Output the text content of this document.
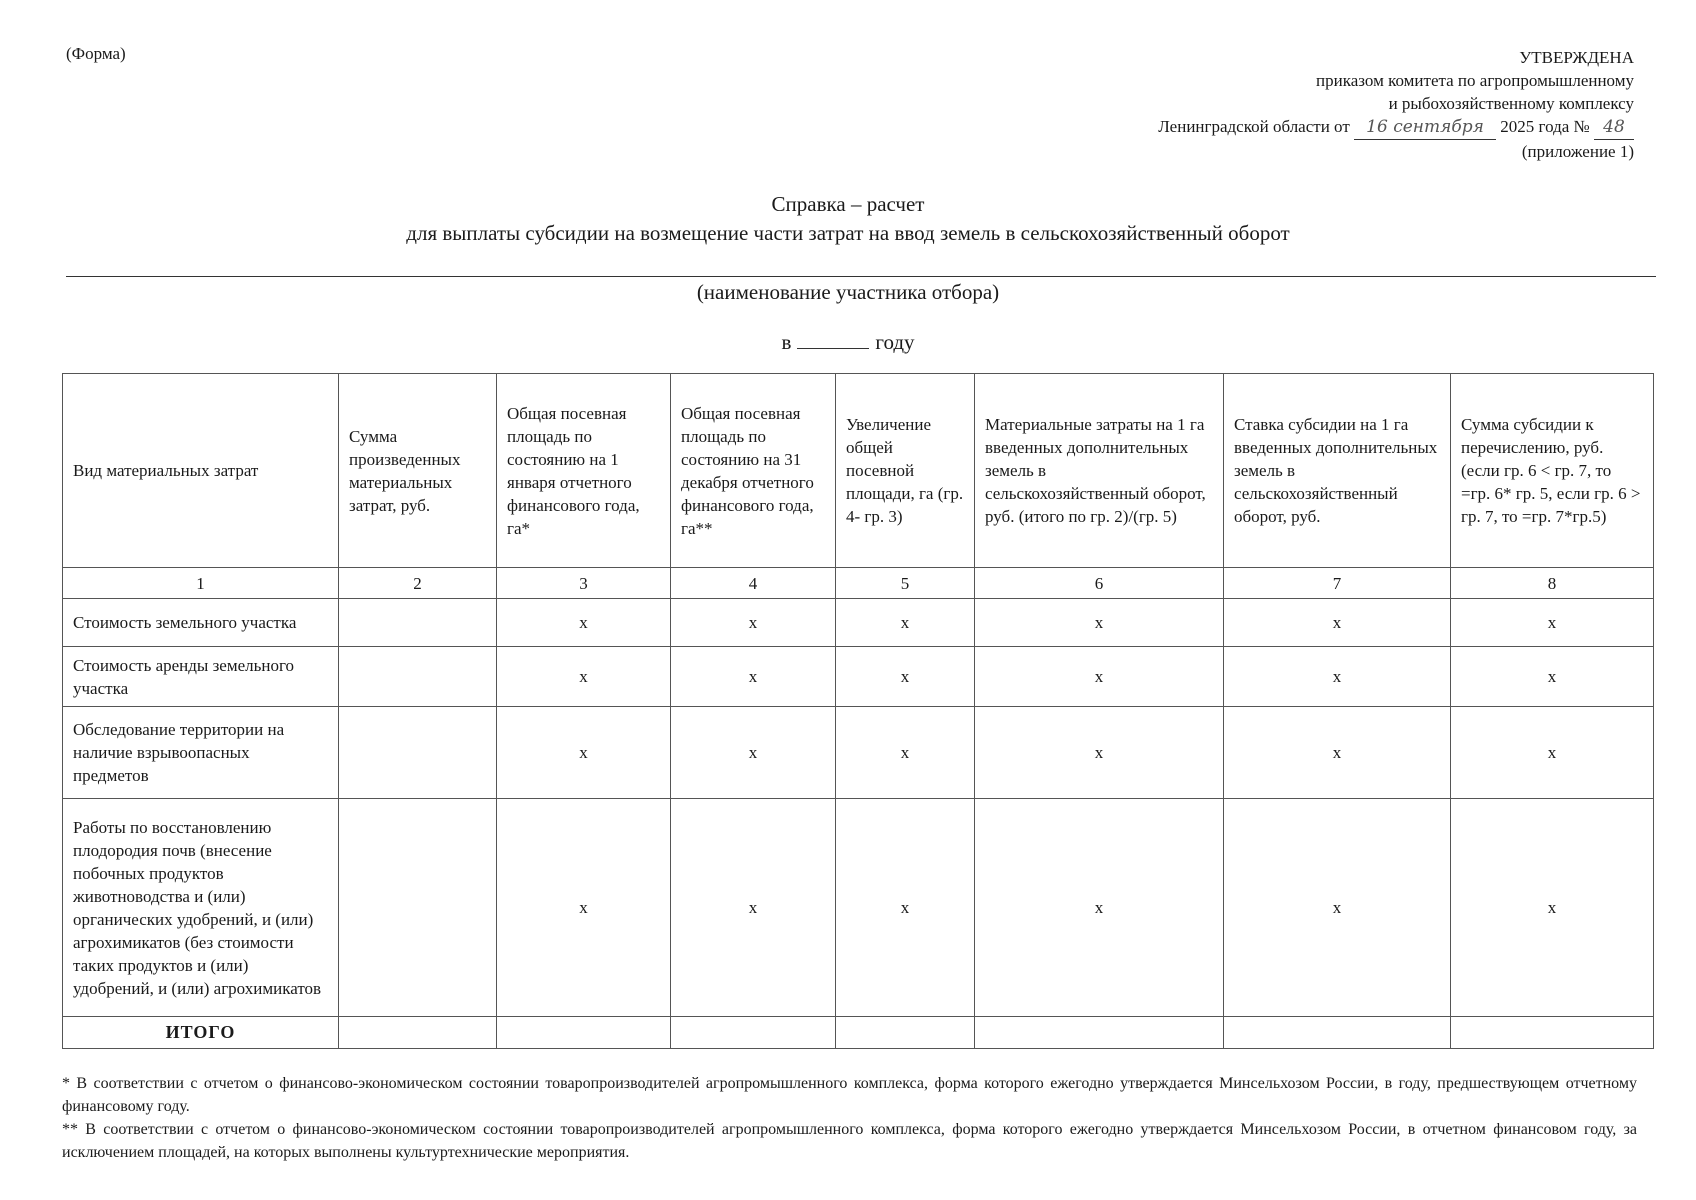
(Форма)	УТВЕРЖДЕНА
приказом комитета по агропромышленному
и рыбохозяйственному комплексу
Ленинградской области от 16 сентября 2025 года № 48
(приложение 1)
Справка – расчет
для выплаты субсидии на возмещение части затрат на ввод земель в сельскохозяйственный оборот
(наименование участника отбора)
в	году
Вид материальных затрат	Сумма произведенных материальных затрат, руб.	Общая посевная площадь по состоянию на 1 января отчетного финансового года, га*	Общая посевная площадь по состоянию на 31 декабря отчетного финансового года, га**	Увеличение общей посевной площади, га (гр. 4- гр. 3)	Материальные затраты на 1 га введенных дополнительных земель в сельскохозяйственный оборот, руб. (итого по гр. 2)/(гр. 5)	Ставка субсидии на 1 га введенных дополнительных земель в сельскохозяйственный оборот, руб.	Сумма субсидии к перечислению, руб. (если гр. 6 < гр. 7, то =гр. 6* гр. 5, если гр. 6 > гр. 7, то =гр. 7*гр.5)
1	2	3	4	5	6	7	8
Стоимость земельного участка		x	x	x	x	x	x
Стоимость аренды земельного участка		x	x	x	x	x	x
Обследование территории на наличие взрывоопасных предметов		x	x	x	x	x	x
Работы по восстановлению плодородия почв (внесение побочных продуктов животноводства и (или) органических удобрений, и (или) агрохимикатов (без стоимости таких продуктов и (или) удобрений, и (или) агрохимикатов		x	x	x	x	x	x
ИТОГО							
* В соответствии с отчетом о финансово-экономическом состоянии товаропроизводителей агропромышленного комплекса, форма которого ежегодно утверждается Минсельхозом России, в году, предшествующем отчетному финансовому году.
** В соответствии с отчетом о финансово-экономическом состоянии товаропроизводителей агропромышленного комплекса, форма которого ежегодно утверждается Минсельхозом России, в отчетном финансовом году, за исключением площадей, на которых выполнены культуртехнические мероприятия.
